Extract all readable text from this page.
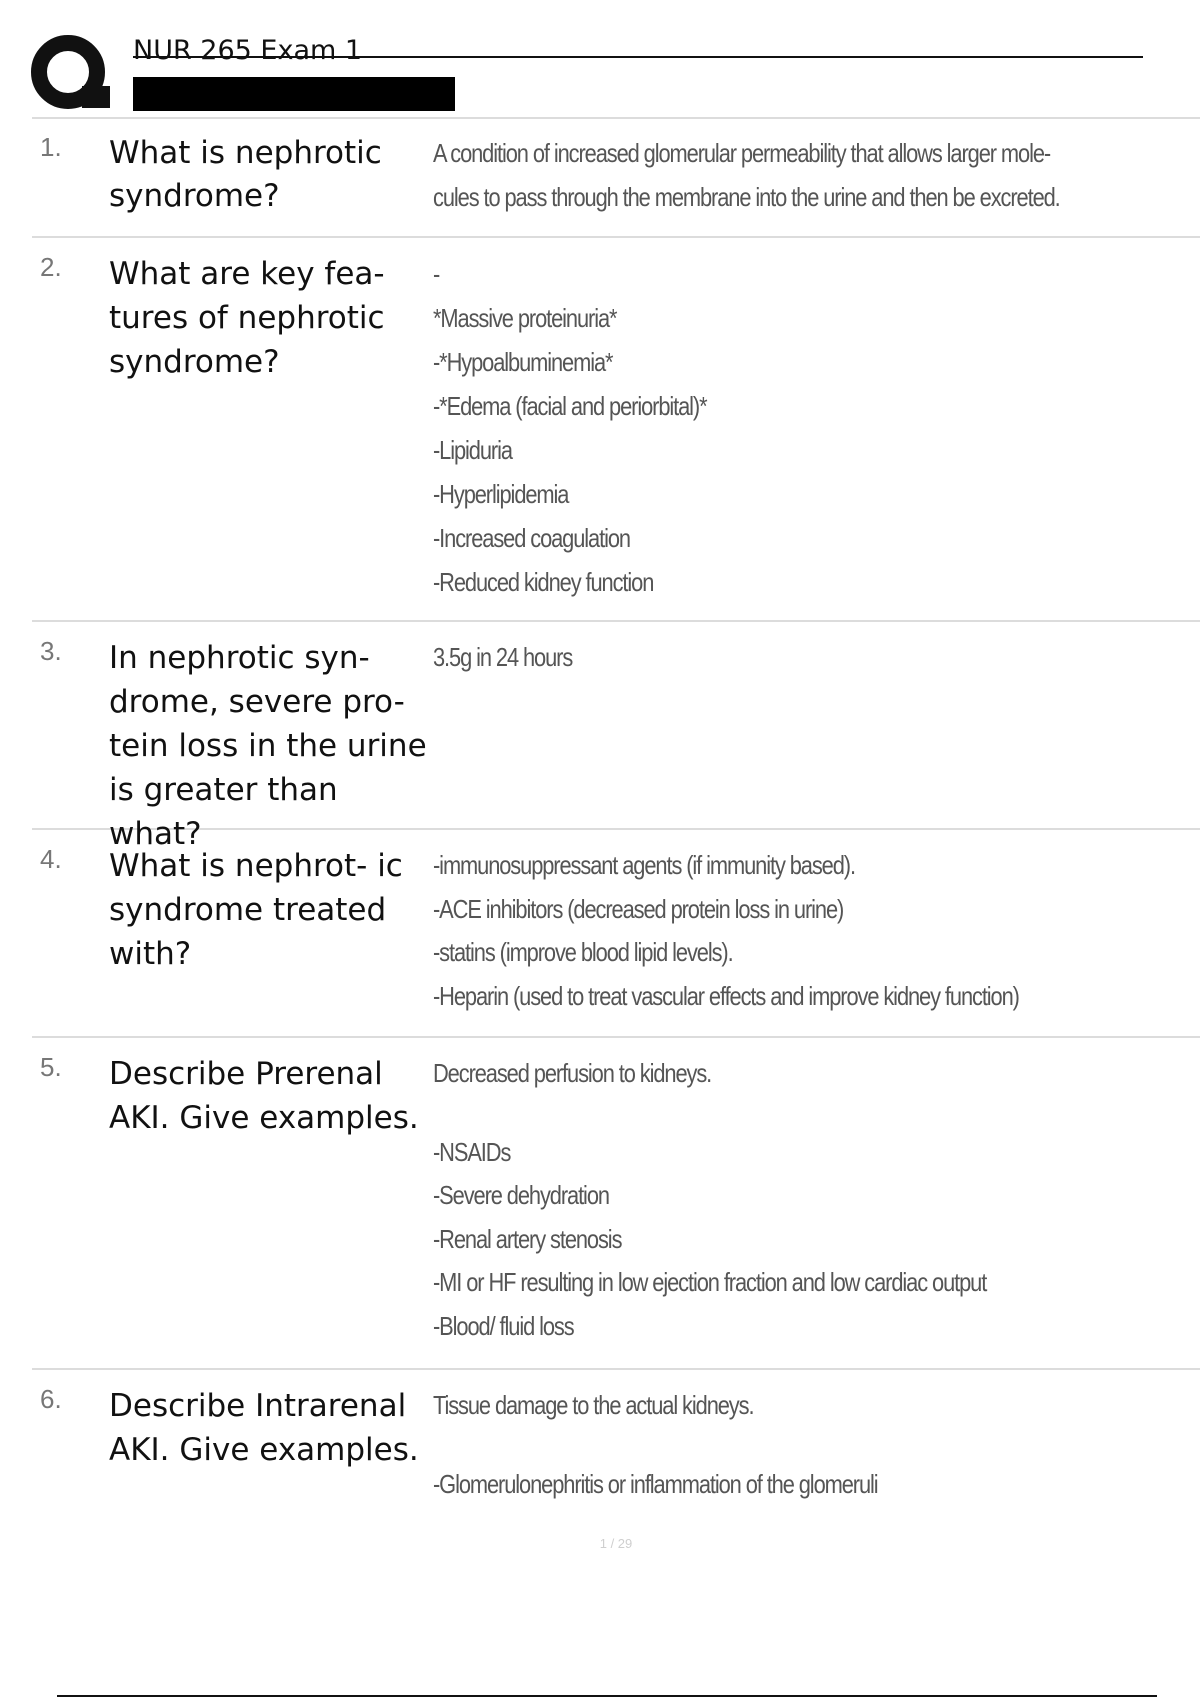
NUR 265 Exam 1
1.	What is nephrotic syndrome?
A condition of increased glomerular permeability that allows larger mole-
cules to pass through the membrane into the urine and then be excreted.
2.	What are key fea- tures of nephrotic syndrome?
-
*Massive proteinuria*
-*Hypoalbuminemia*
-*Edema (facial and periorbital)*
-Lipiduria
-Hyperlipidemia
-Increased coagulation
-Reduced kidney function
3.	In nephrotic syn- drome, severe pro- tein loss in the urine is greater than what?
3.5g in 24 hours
4.	What is nephrot- ic syndrome treated with?
-immunosuppressant agents (if immunity based).
-ACE inhibitors (decreased protein loss in urine)
-statins (improve blood lipid levels).
-Heparin (used to treat vascular effects and improve kidney function)
5.	Describe Prerenal AKI. Give examples.
Decreased perfusion to kidneys.
-NSAIDs
-Severe dehydration
-Renal artery stenosis
-MI or HF resulting in low ejection fraction and low cardiac output
-Blood/ fluid loss
6.	Describe Intrarenal AKI. Give examples.
Tissue damage to the actual kidneys.
-Glomerulonephritis or inflammation of the glomeruli
1 / 29
